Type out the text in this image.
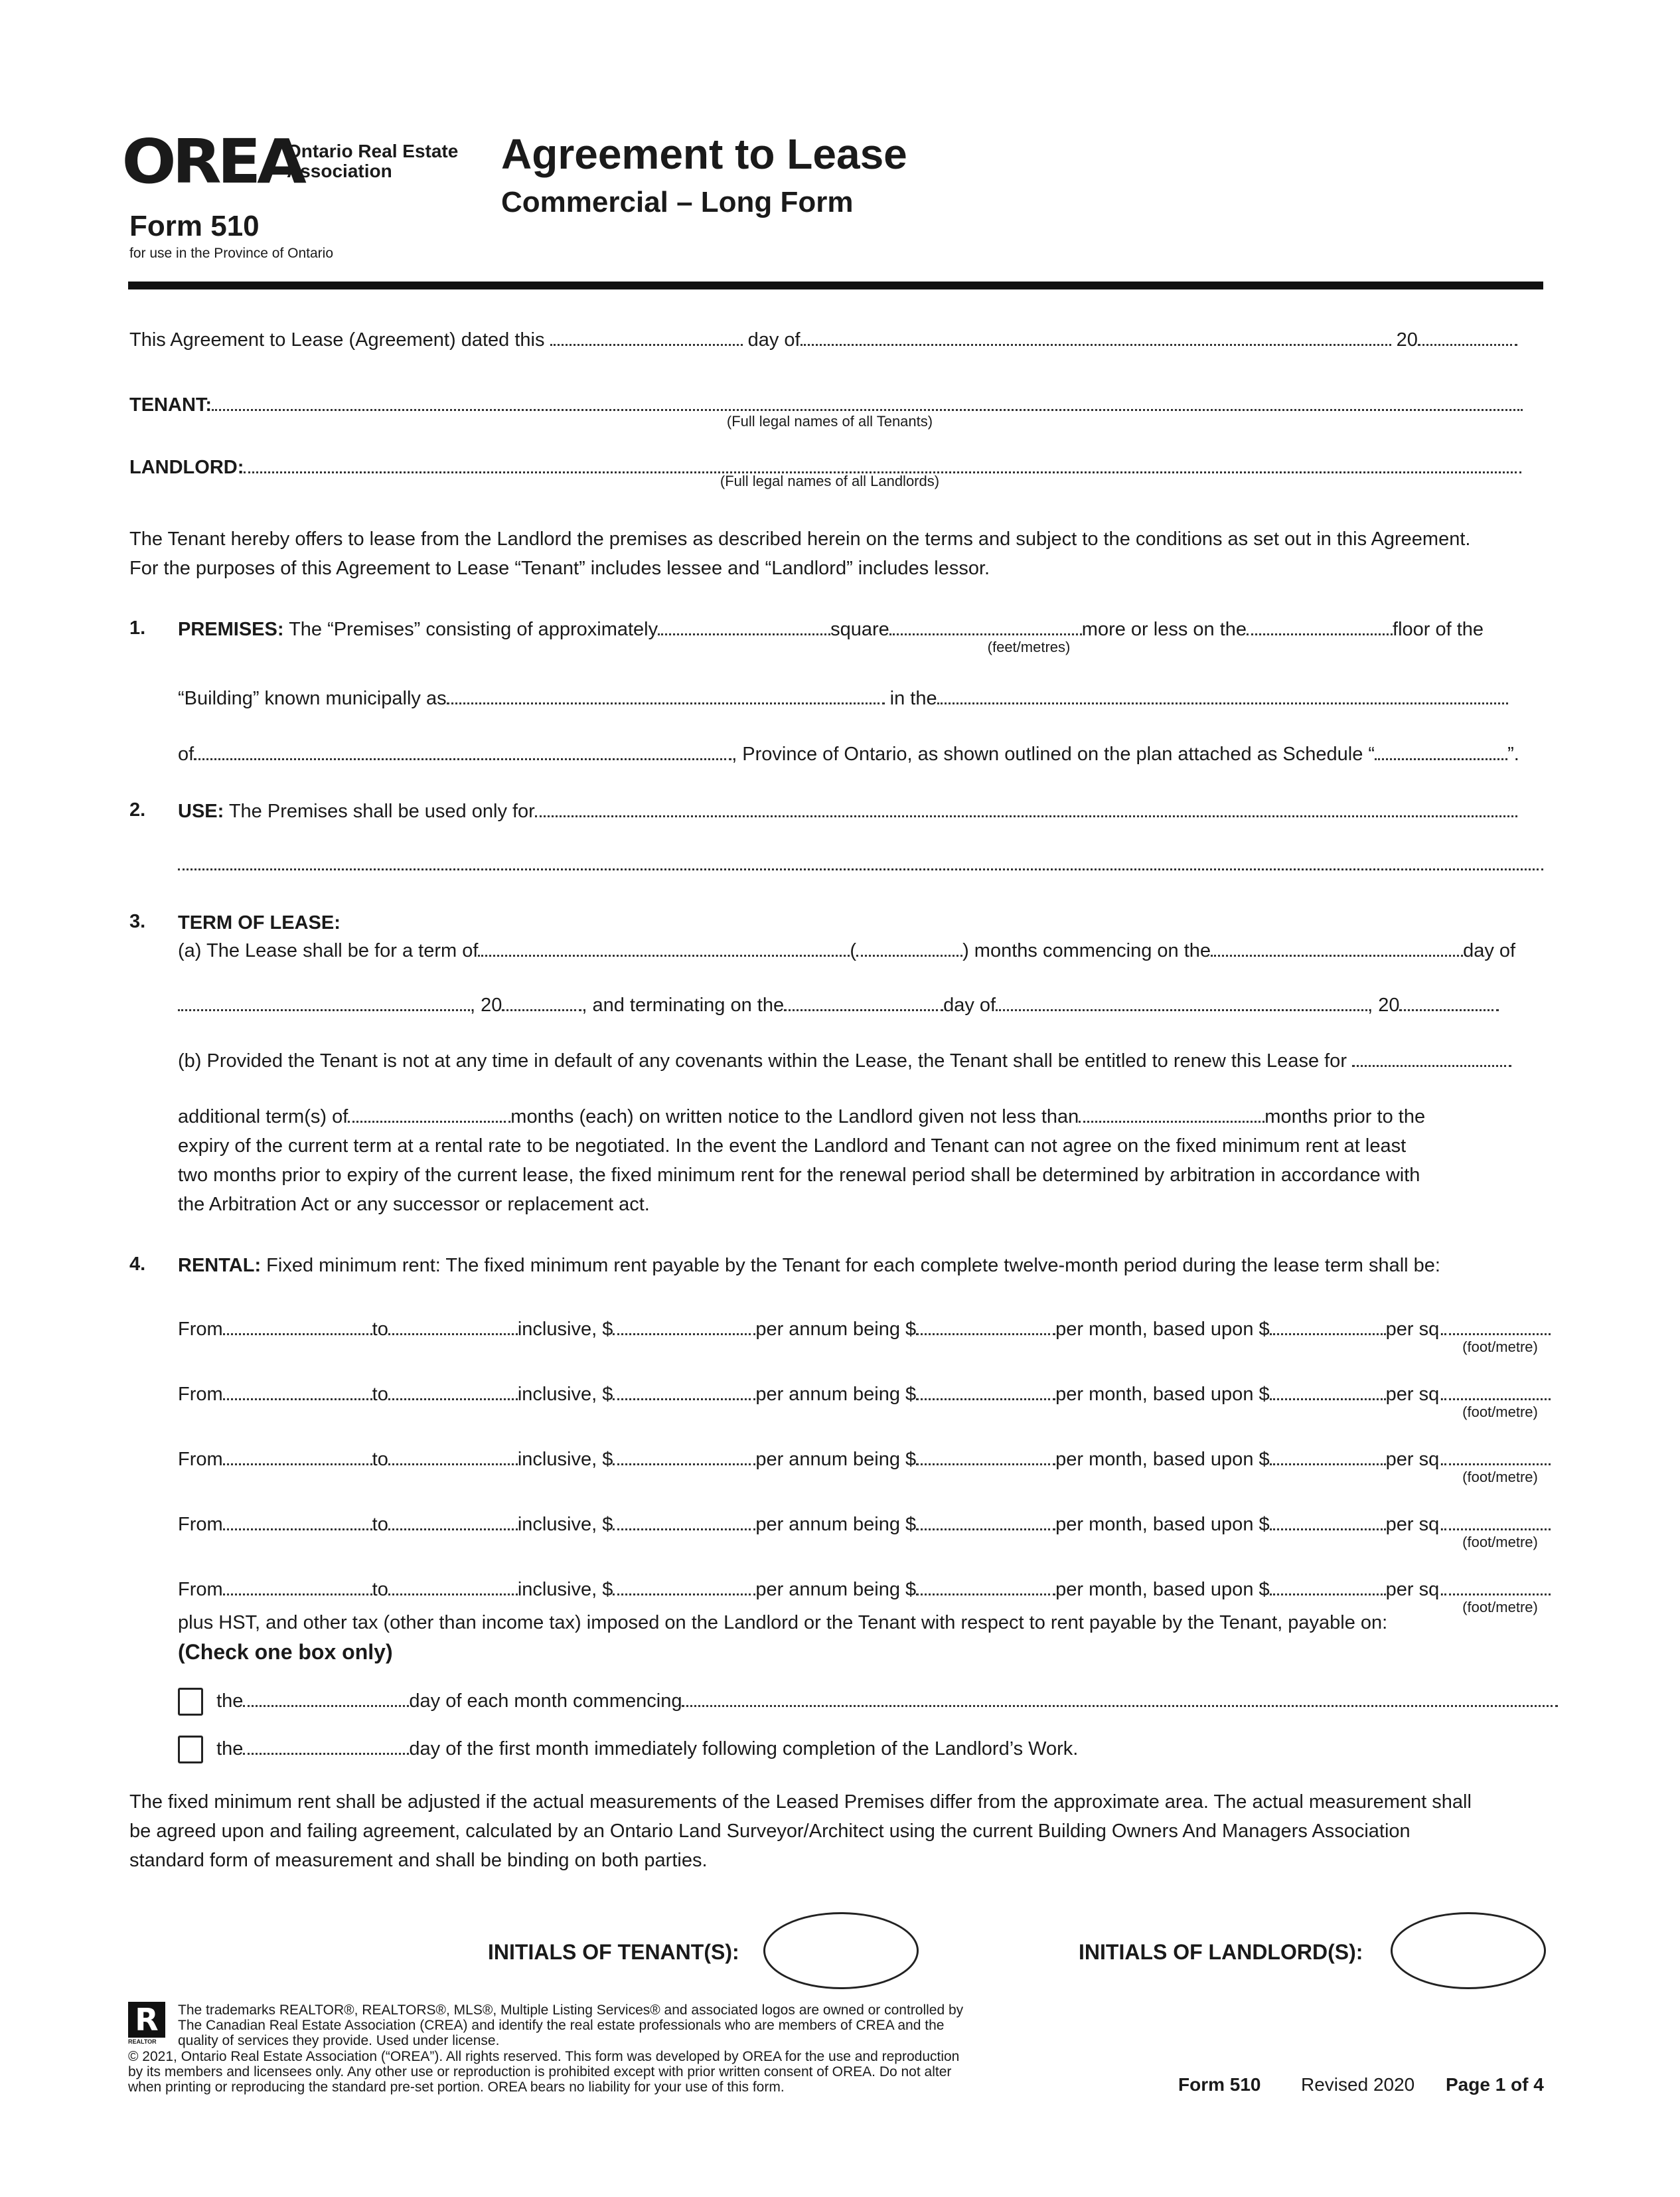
OREA
Ontario Real Estate
Association
Form 510
for use in the Province of Ontario
Agreement to Lease
Commercial – Long Form
This Agreement to Lease (Agreement) dated this	day of	20
TENANT:
(Full legal names of all Tenants)
LANDLORD:
(Full legal names of all Landlords)
The Tenant hereby offers to lease from the Landlord the premises as described herein on the terms and subject to the conditions as set out in this Agreement.
For the purposes of this Agreement to Lease “Tenant” includes lessee and “Landlord” includes lessor.
1. PREMISES: The “Premises” consisting of approximately	square	more or less on the	floor of the
(feet/metres)
“Building” known municipally as	in the
of	, Province of Ontario, as shown outlined on the plan attached as Schedule “	”.
2. USE: The Premises shall be used only for
3. TERM OF LEASE:
(a) The Lease shall be for a term of	(	) months commencing on the	day of
, 20	, and terminating on the	day of	, 20
(b) Provided the Tenant is not at any time in default of any covenants within the Lease, the Tenant shall be entitled to renew this Lease for
additional term(s) of	months (each) on written notice to the Landlord given not less than	months prior to the
expiry of the current term at a rental rate to be negotiated. In the event the Landlord and Tenant can not agree on the fixed minimum rent at least
two months prior to expiry of the current lease, the fixed minimum rent for the renewal period shall be determined by arbitration in accordance with
the Arbitration Act or any successor or replacement act.
4. RENTAL: Fixed minimum rent: The fixed minimum rent payable by the Tenant for each complete twelve-month period during the lease term shall be:
From	to	inclusive, $	per annum being $	per month, based upon $	per sq.
(foot/metre)
From	to	inclusive, $	per annum being $	per month, based upon $	per sq.
(foot/metre)
From	to	inclusive, $	per annum being $	per month, based upon $	per sq.
(foot/metre)
From	to	inclusive, $	per annum being $	per month, based upon $	per sq.
(foot/metre)
From	to	inclusive, $	per annum being $	per month, based upon $	per sq.
(foot/metre)
plus HST, and other tax (other than income tax) imposed on the Landlord or the Tenant with respect to rent payable by the Tenant, payable on:
(Check one box only)
the	day of each month commencing
the	day of the first month immediately following completion of the Landlord’s Work.
The fixed minimum rent shall be adjusted if the actual measurements of the Leased Premises differ from the approximate area. The actual measurement shall
be agreed upon and failing agreement, calculated by an Ontario Land Surveyor/Architect using the current Building Owners And Managers Association
standard form of measurement and shall be binding on both parties.
INITIALS OF TENANT(S):	INITIALS OF LANDLORD(S):
R
REALTOR
The trademarks REALTOR®, REALTORS®, MLS®, Multiple Listing Services® and associated logos are owned or controlled by
The Canadian Real Estate Association (CREA) and identify the real estate professionals who are members of CREA and the
quality of services they provide. Used under license.
© 2021, Ontario Real Estate Association (“OREA”). All rights reserved. This form was developed by OREA for the use and reproduction
by its members and licensees only. Any other use or reproduction is prohibited except with prior written consent of OREA. Do not alter
when printing or reproducing the standard pre-set portion. OREA bears no liability for your use of this form.	Form 510 Revised 2020 Page 1 of 4
